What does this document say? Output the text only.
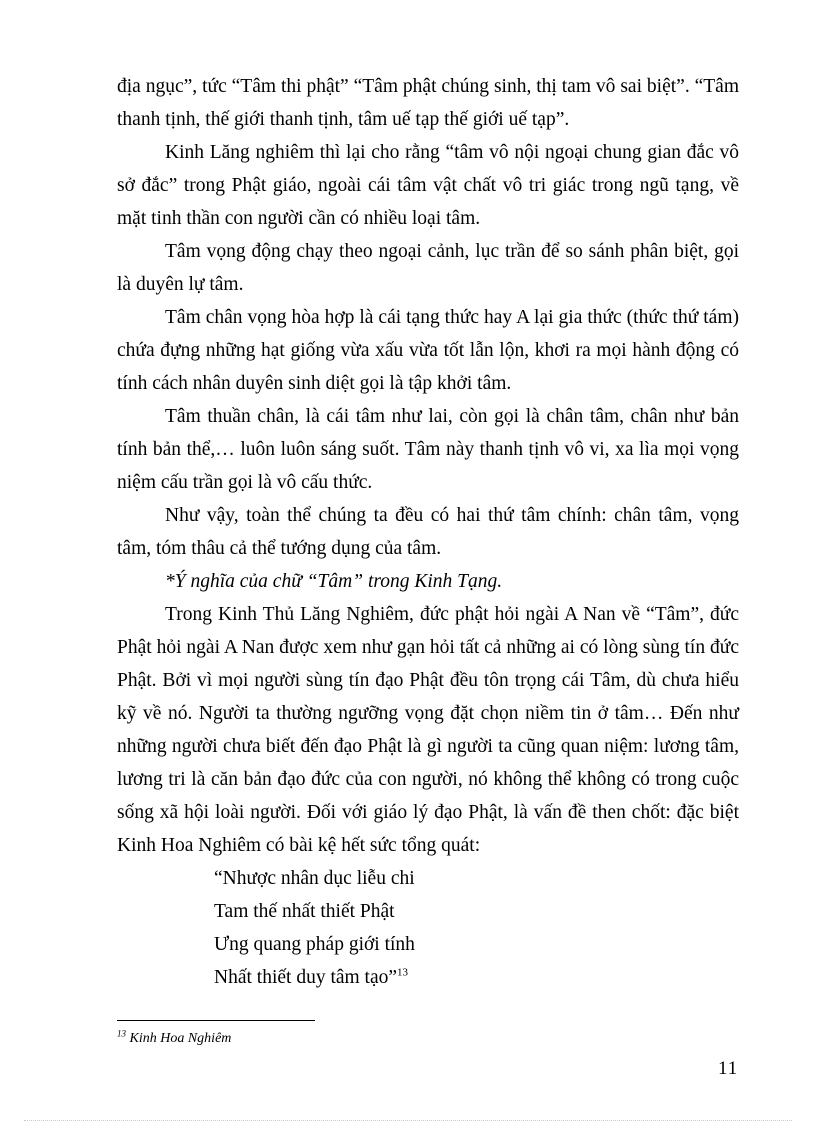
địa ngục”, tức “Tâm thi phật” “Tâm phật chúng sinh, thị tam vô sai biệt”. “Tâm thanh tịnh, thế giới thanh tịnh, tâm uế tạp thế giới uế tạp”.

Kinh Lăng nghiêm thì lại cho rằng “tâm vô nội ngoại chung gian đắc vô sở đắc” trong Phật giáo, ngoài cái tâm vật chất vô tri giác trong ngũ tạng, về mặt tinh thần con người cần có nhiều loại tâm.

Tâm vọng động chạy theo ngoại cảnh, lục trần để so sánh phân biệt, gọi là duyên lự tâm.

Tâm chân vọng hòa hợp là cái tạng thức hay A lại gia thức (thức thứ tám) chứa đựng những hạt giống vừa xấu vừa tốt lẫn lộn, khơi ra mọi hành động có tính cách nhân duyên sinh diệt gọi là tập khởi tâm.

Tâm thuần chân, là cái tâm như lai, còn gọi là chân tâm, chân như bản tính bản thể,… luôn luôn sáng suốt. Tâm này thanh tịnh vô vi, xa lìa mọi vọng niệm cấu trần gọi là vô cấu thức.

Như vậy, toàn thể chúng ta đều có hai thứ tâm chính: chân tâm, vọng tâm, tóm thâu cả thể tướng dụng của tâm.

*Ý nghĩa của chữ “Tâm” trong Kinh Tạng.

Trong Kinh Thủ Lăng Nghiêm, đức phật hỏi ngài A Nan về “Tâm”, đức Phật hỏi ngài A Nan được xem như gạn hỏi tất cả những ai có lòng sùng tín đức Phật. Bởi vì mọi người sùng tín đạo Phật đều tôn trọng cái Tâm, dù chưa hiểu kỹ về nó. Người ta thường ngưỡng vọng đặt chọn niềm tin ở tâm… Đến như những người chưa biết đến đạo Phật là gì người ta cũng quan niệm: lương tâm, lương tri là căn bản đạo đức của con người, nó không thể không có trong cuộc sống xã hội loài người. Đối với giáo lý đạo Phật, là vấn đề then chốt: đặc biệt Kinh Hoa Nghiêm có bài kệ hết sức tổng quát:

“Nhược nhân dục liễu chi
Tam thế nhất thiết Phật
Ưng quang pháp giới tính
Nhất thiết duy tâm tạo”$^{13}$
$^{13}$ Kinh Hoa Nghiêm
11
